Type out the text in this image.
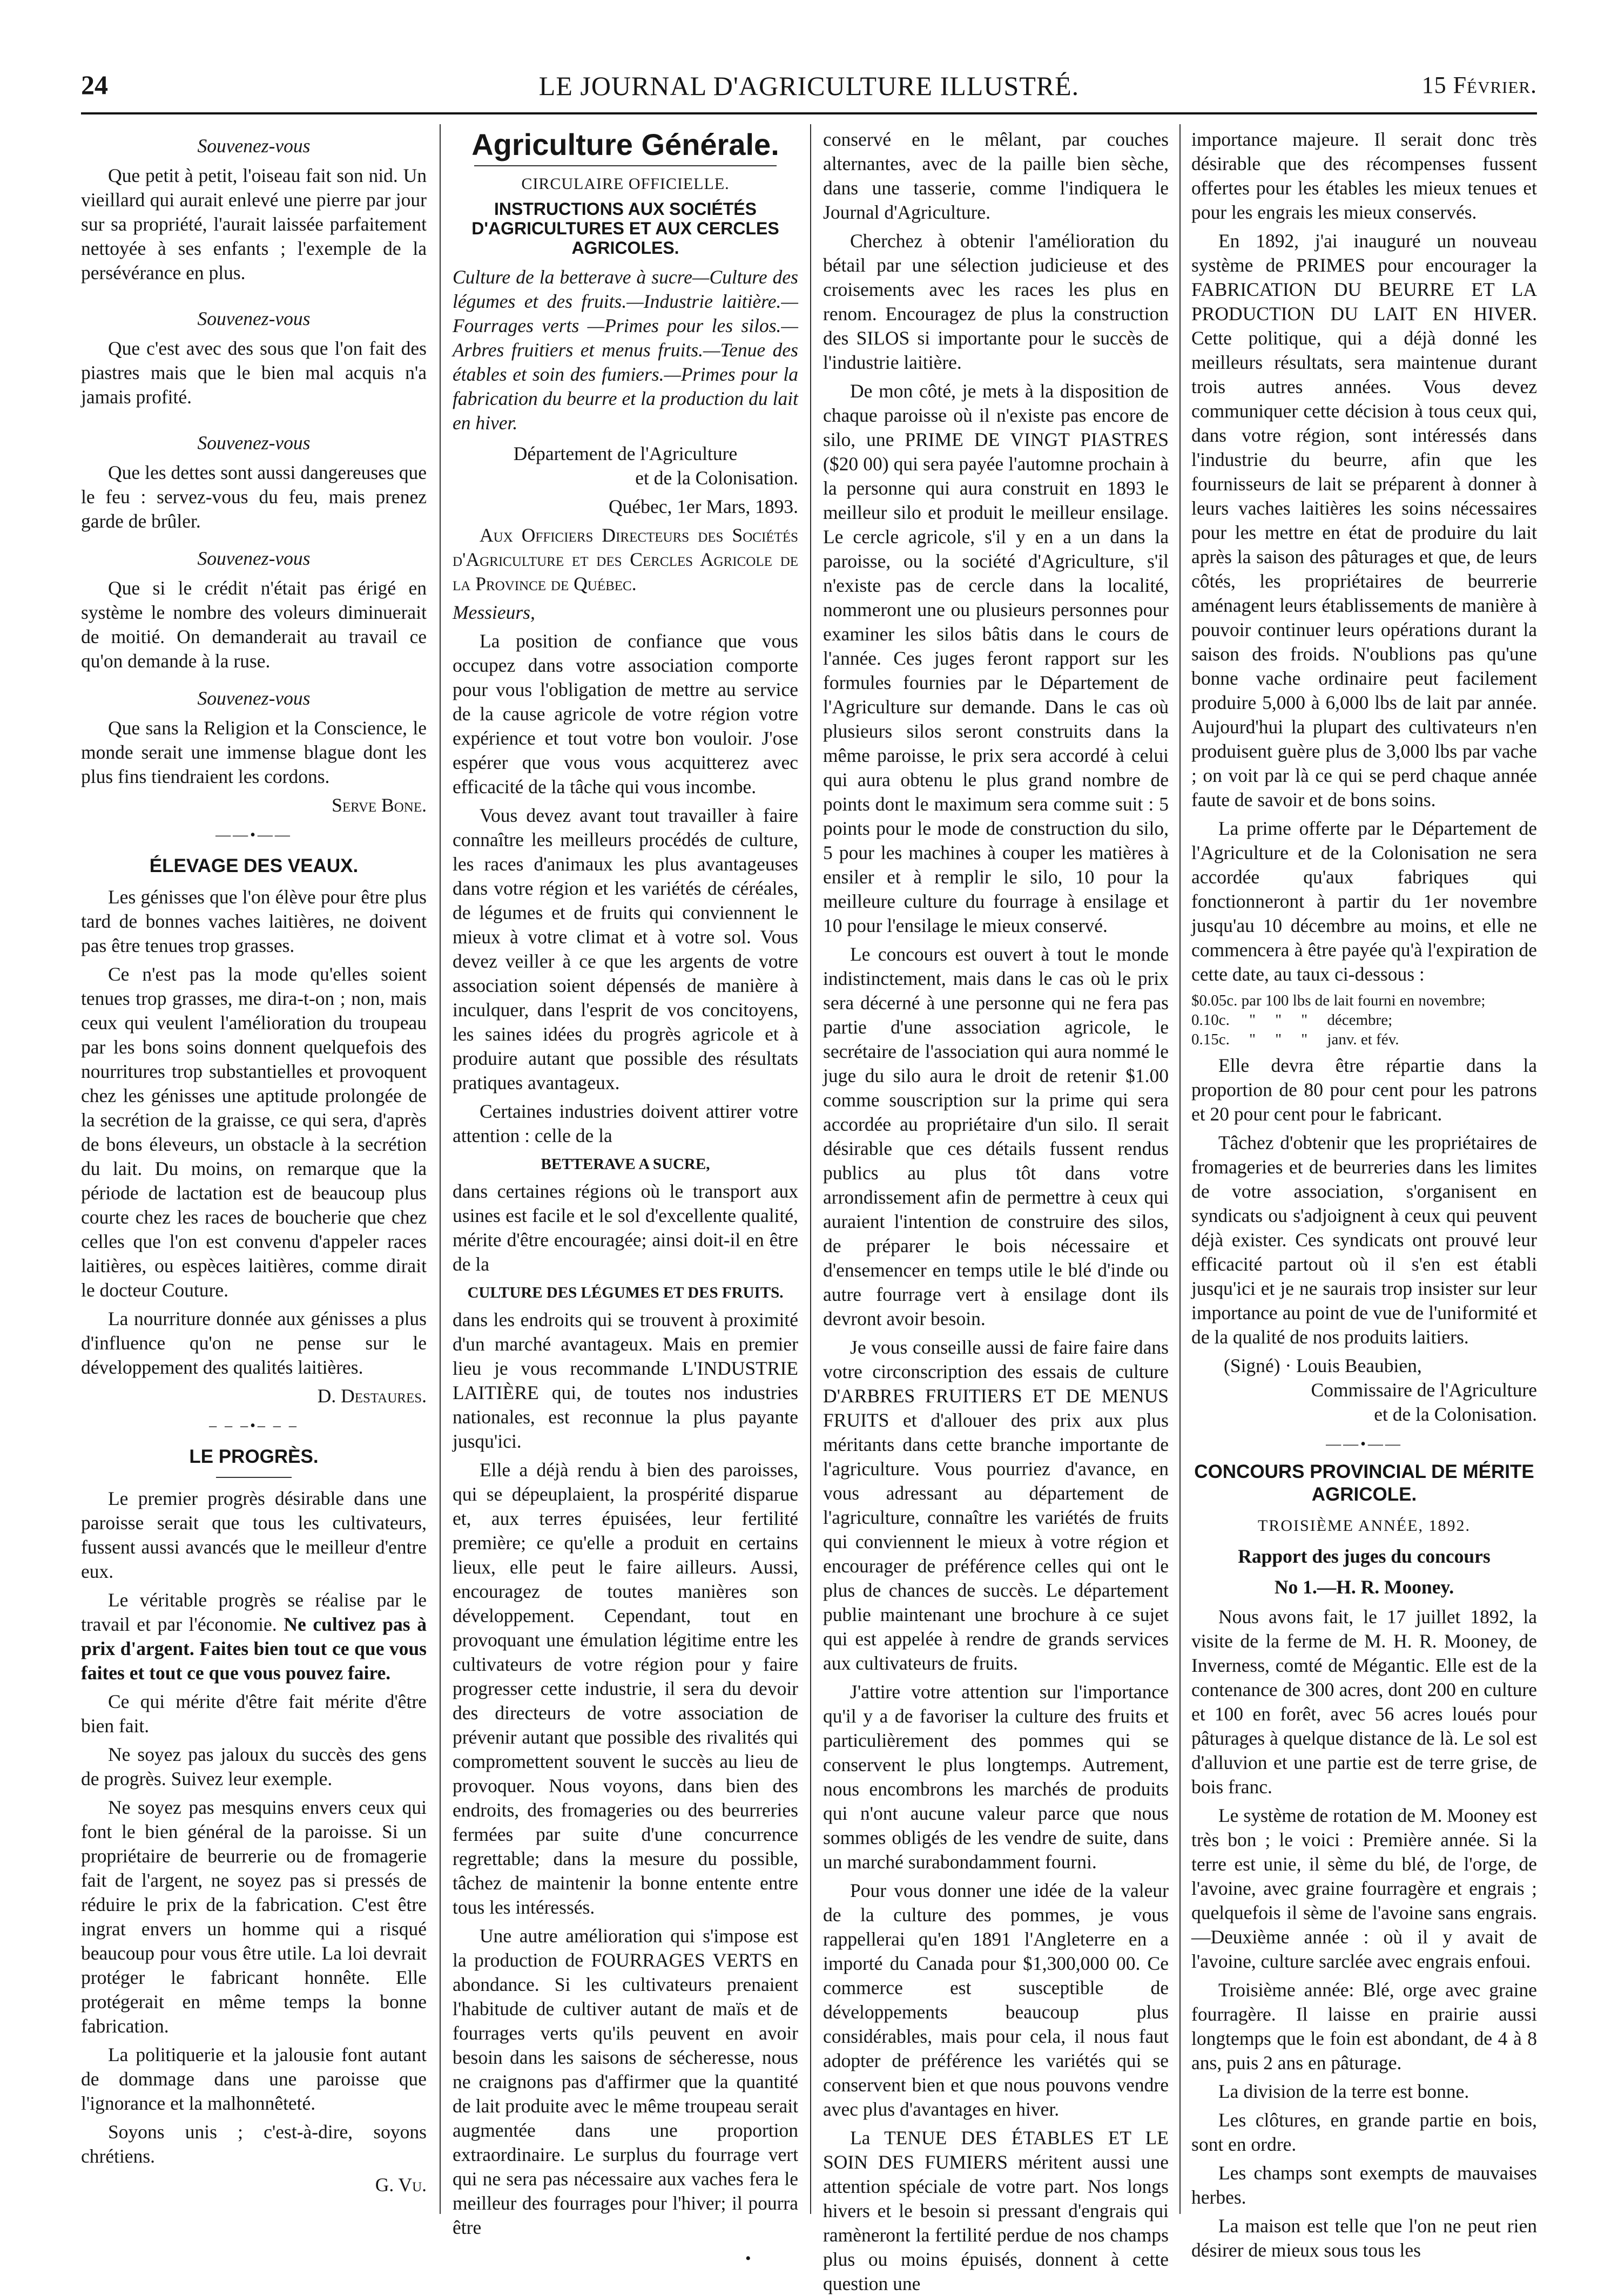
24	LE JOURNAL D'AGRICULTURE ILLUSTRÉ.	15 Février.

Souvenez-vous

Que petit à petit, l'oiseau fait son nid. Un vieillard qui aurait enlevé une pierre par jour sur sa propriété, l'aurait laissée parfaitement nettoyée à ses enfants ; l'exemple de la persévérance en plus.

Souvenez-vous

Que c'est avec des sous que l'on fait des piastres mais que le bien mal acquis n'a jamais profité.

Souvenez-vous

Que les dettes sont aussi dangereuses que le feu : servez-vous du feu, mais prenez garde de brûler.

Souvenez-vous

Que si le crédit n'était pas érigé en système le nombre des voleurs diminuerait de moitié. On demanderait au travail ce qu'on demande à la ruse.

Souvenez-vous

Que sans la Religion et la Conscience, le monde serait une immense blague dont les plus fins tiendraient les cordons.

Serve Bone.

——•——

ÉLEVAGE DES VEAUX.

Les génisses que l'on élève pour être plus tard de bonnes vaches laitières, ne doivent pas être tenues trop grasses.

Ce n'est pas la mode qu'elles soient tenues trop grasses, me dira-t-on ; non, mais ceux qui veulent l'amélioration du troupeau par les bons soins donnent quelquefois des nourritures trop substantielles et provoquent chez les génisses une aptitude prolongée de la secrétion de la graisse, ce qui sera, d'après de bons éleveurs, un obstacle à la secrétion du lait. Du moins, on remarque que la période de lactation est de beaucoup plus courte chez les races de boucherie que chez celles que l'on est convenu d'appeler races laitières, ou espèces laitières, comme dirait le docteur Couture.

La nourriture donnée aux génisses a plus d'influence qu'on ne pense sur le développement des qualités laitières.

D. Destaures.

– – –•– – –

LE PROGRÈS.

Le premier progrès désirable dans une paroisse serait que tous les cultivateurs, fussent aussi avancés que le meilleur d'entre eux.

Le véritable progrès se réalise par le travail et par l'économie. Ne cultivez pas à prix d'argent. Faites bien tout ce que vous faites et tout ce que vous pouvez faire.

Ce qui mérite d'être fait mérite d'être bien fait.

Ne soyez pas jaloux du succès des gens de progrès. Suivez leur exemple.

Ne soyez pas mesquins envers ceux qui font le bien général de la paroisse. Si un propriétaire de beurrerie ou de fromagerie fait de l'argent, ne soyez pas si pressés de réduire le prix de la fabrication. C'est être ingrat envers un homme qui a risqué beaucoup pour vous être utile. La loi devrait protéger le fabricant honnête. Elle protégerait en même temps la bonne fabrication.

La politiquerie et la jalousie font autant de dommage dans une paroisse que l'ignorance et la malhonnêteté.

Soyons unis ; c'est-à-dire, soyons chrétiens.

G. Vu.

Agriculture Générale.

CIRCULAIRE OFFICIELLE.

INSTRUCTIONS AUX SOCIÉTÉS D'AGRICULTURES ET AUX CERCLES AGRICOLES.

Culture de la betterave à sucre—Culture des légumes et des fruits.—Industrie laitière.— Fourrages verts —Primes pour les silos.— Arbres fruitiers et menus fruits.—Tenue des étables et soin des fumiers.—Primes pour la fabrication du beurre et la production du lait en hiver.

Département de l'Agriculture

et de la Colonisation.

Québec, 1er Mars, 1893.

Aux Officiers Directeurs des Sociétés d'Agriculture et des Cercles Agricole de la Province de Québec.

Messieurs,

La position de confiance que vous occupez dans votre association comporte pour vous l'obligation de mettre au service de la cause agricole de votre région votre expérience et tout votre bon vouloir. J'ose espérer que vous vous acquitterez avec efficacité de la tâche qui vous incombe.

Vous devez avant tout travailler à faire connaître les meilleurs procédés de culture, les races d'animaux les plus avantageuses dans votre région et les variétés de céréales, de légumes et de fruits qui conviennent le mieux à votre climat et à votre sol. Vous devez veiller à ce que les argents de votre association soient dépensés de manière à inculquer, dans l'esprit de vos concitoyens, les saines idées du progrès agricole et à produire autant que possible des résultats pratiques avantageux.

Certaines industries doivent attirer votre attention : celle de la

BETTERAVE A SUCRE,

dans certaines régions où le transport aux usines est facile et le sol d'excellente qualité, mérite d'être encouragée; ainsi doit-il en être de la

CULTURE DES LÉGUMES ET DES FRUITS.

dans les endroits qui se trouvent à proximité d'un marché avantageux. Mais en premier lieu je vous recommande L'INDUSTRIE LAITIÈRE qui, de toutes nos industries nationales, est reconnue la plus payante jusqu'ici.

Elle a déjà rendu à bien des paroisses, qui se dépeuplaient, la prospérité disparue et, aux terres épuisées, leur fertilité première; ce qu'elle a produit en certains lieux, elle peut le faire ailleurs. Aussi, encouragez de toutes manières son développement. Cependant, tout en provoquant une émulation légitime entre les cultivateurs de votre région pour y faire progresser cette industrie, il sera du devoir des directeurs de votre association de prévenir autant que possible des rivalités qui compromettent souvent le succès au lieu de provoquer. Nous voyons, dans bien des endroits, des fromageries ou des beurreries fermées par suite d'une concurrence regrettable; dans la mesure du possible, tâchez de maintenir la bonne entente entre tous les intéressés.

Une autre amélioration qui s'impose est la production de FOURRAGES VERTS en abondance. Si les cultivateurs prenaient l'habitude de cultiver autant de maïs et de fourrages verts qu'ils peuvent en avoir besoin dans les saisons de sécheresse, nous ne craignons pas d'affirmer que la quantité de lait produite avec le même troupeau serait augmentée dans une proportion extraordinaire. Le surplus du fourrage vert qui ne sera pas nécessaire aux vaches fera le meilleur des fourrages pour l'hiver; il pourra être

conservé en le mêlant, par couches alternantes, avec de la paille bien sèche, dans une tasserie, comme l'indiquera le Journal d'Agriculture.

Cherchez à obtenir l'amélioration du bétail par une sélection judicieuse et des croisements avec les races les plus en renom. Encouragez de plus la construction des SILOS si importante pour le succès de l'industrie laitière.

De mon côté, je mets à la disposition de chaque paroisse où il n'existe pas encore de silo, une PRIME DE VINGT PIASTRES ($20 00) qui sera payée l'automne prochain à la personne qui aura construit en 1893 le meilleur silo et produit le meilleur ensilage. Le cercle agricole, s'il y en a un dans la paroisse, ou la société d'Agriculture, s'il n'existe pas de cercle dans la localité, nommeront une ou plusieurs personnes pour examiner les silos bâtis dans le cours de l'année. Ces juges feront rapport sur les formules fournies par le Département de l'Agriculture sur demande. Dans le cas où plusieurs silos seront construits dans la même paroisse, le prix sera accordé à celui qui aura obtenu le plus grand nombre de points dont le maximum sera comme suit : 5 points pour le mode de construction du silo, 5 pour les machines à couper les matières à ensiler et à remplir le silo, 10 pour la meilleure culture du fourrage à ensilage et 10 pour l'ensilage le mieux conservé.

Le concours est ouvert à tout le monde indistinctement, mais dans le cas où le prix sera décerné à une personne qui ne fera pas partie d'une association agricole, le secrétaire de l'association qui aura nommé le juge du silo aura le droit de retenir $1.00 comme souscription sur la prime qui sera accordée au propriétaire d'un silo. Il serait désirable que ces détails fussent rendus publics au plus tôt dans votre arrondissement afin de permettre à ceux qui auraient l'intention de construire des silos, de préparer le bois nécessaire et d'ensemencer en temps utile le blé d'inde ou autre fourrage vert à ensilage dont ils devront avoir besoin.

Je vous conseille aussi de faire faire dans votre circonscription des essais de culture D'ARBRES FRUITIERS ET DE MENUS FRUITS et d'allouer des prix aux plus méritants dans cette branche importante de l'agriculture. Vous pourriez d'avance, en vous adressant au département de l'agriculture, connaître les variétés de fruits qui conviennent le mieux à votre région et encourager de préférence celles qui ont le plus de chances de succès. Le département publie maintenant une brochure à ce sujet qui est appelée à rendre de grands services aux cultivateurs de fruits.

J'attire votre attention sur l'importance qu'il y a de favoriser la culture des fruits et particulièrement des pommes qui se conservent le plus longtemps. Autrement, nous encombrons les marchés de produits qui n'ont aucune valeur parce que nous sommes obligés de les vendre de suite, dans un marché surabondamment fourni.

Pour vous donner une idée de la valeur de la culture des pommes, je vous rappellerai qu'en 1891 l'Angleterre en a importé du Canada pour $1,300,000 00. Ce commerce est susceptible de développements beaucoup plus considérables, mais pour cela, il nous faut adopter de préférence les variétés qui se conservent bien et que nous pouvons vendre avec plus d'avantages en hiver.

La TENUE DES ÉTABLES ET LE SOIN DES FUMIERS méritent aussi une attention spéciale de votre part. Nos longs hivers et le besoin si pressant d'engrais qui ramèneront la fertilité perdue de nos champs plus ou moins épuisés, donnent à cette question une

importance majeure. Il serait donc très désirable que des récompenses fussent offertes pour les étables les mieux tenues et pour les engrais les mieux conservés.

En 1892, j'ai inauguré un nouveau système de PRIMES pour encourager la FABRICATION DU BEURRE ET LA PRODUCTION DU LAIT EN HIVER. Cette politique, qui a déjà donné les meilleurs résultats, sera maintenue durant trois autres années. Vous devez communiquer cette décision à tous ceux qui, dans votre région, sont intéressés dans l'industrie du beurre, afin que les fournisseurs de lait se préparent à donner à leurs vaches laitières les soins nécessaires pour les mettre en état de produire du lait après la saison des pâturages et que, de leurs côtés, les propriétaires de beurrerie aménagent leurs établissements de manière à pouvoir continuer leurs opérations durant la saison des froids. N'oublions pas qu'une bonne vache ordinaire peut facilement produire 5,000 à 6,000 lbs de lait par année. Aujourd'hui la plupart des cultivateurs n'en produisent guère plus de 3,000 lbs par vache ; on voit par là ce qui se perd chaque année faute de savoir et de bons soins.

La prime offerte par le Département de l'Agriculture et de la Colonisation ne sera accordée qu'aux fabriques qui fonctionneront à partir du 1er novembre jusqu'au 10 décembre au moins, et elle ne commencera à être payée qu'à l'expiration de cette date, au taux ci-dessous :

$0.05c. par 100 lbs de lait fourni en novembre;

0.10c.     "     "     "     décembre;

0.15c.     "     "     "     janv. et fév.

Elle devra être répartie dans la proportion de 80 pour cent pour les patrons et 20 pour cent pour le fabricant.

Tâchez d'obtenir que les propriétaires de fromageries et de beurreries dans les limites de votre association, s'organisent en syndicats ou s'adjoignent à ceux qui peuvent déjà exister. Ces syndicats ont prouvé leur efficacité partout où il s'en est établi jusqu'ici et je ne saurais trop insister sur leur importance au point de vue de l'uniformité et de la qualité de nos produits laitiers.

(Signé) · Louis Beaubien,

Commissaire de l'Agriculture

et de la Colonisation.

——•——

CONCOURS PROVINCIAL DE MÉRITE AGRICOLE.

TROISIÈME ANNÉE, 1892.

Rapport des juges du concours

No 1.—H. R. Mooney.

Nous avons fait, le 17 juillet 1892, la visite de la ferme de M. H. R. Mooney, de Inverness, comté de Mégantic. Elle est de la contenance de 300 acres, dont 200 en culture et 100 en forêt, avec 56 acres loués pour pâturages à quelque distance de là. Le sol est d'alluvion et une partie est de terre grise, de bois franc.

Le système de rotation de M. Mooney est très bon ; le voici : Première année. Si la terre est unie, il sème du blé, de l'orge, de l'avoine, avec graine fourragère et engrais ; quelquefois il sème de l'avoine sans engrais.—Deuxième année : où il y avait de l'avoine, culture sarclée avec engrais enfoui.

Troisième année: Blé, orge avec graine fourragère. Il laisse en prairie aussi longtemps que le foin est abondant, de 4 à 8 ans, puis 2 ans en pâturage.

La division de la terre est bonne.

Les clôtures, en grande partie en bois, sont en ordre.

Les champs sont exempts de mauvaises herbes.

La maison est telle que l'on ne peut rien désirer de mieux sous tous les

•
